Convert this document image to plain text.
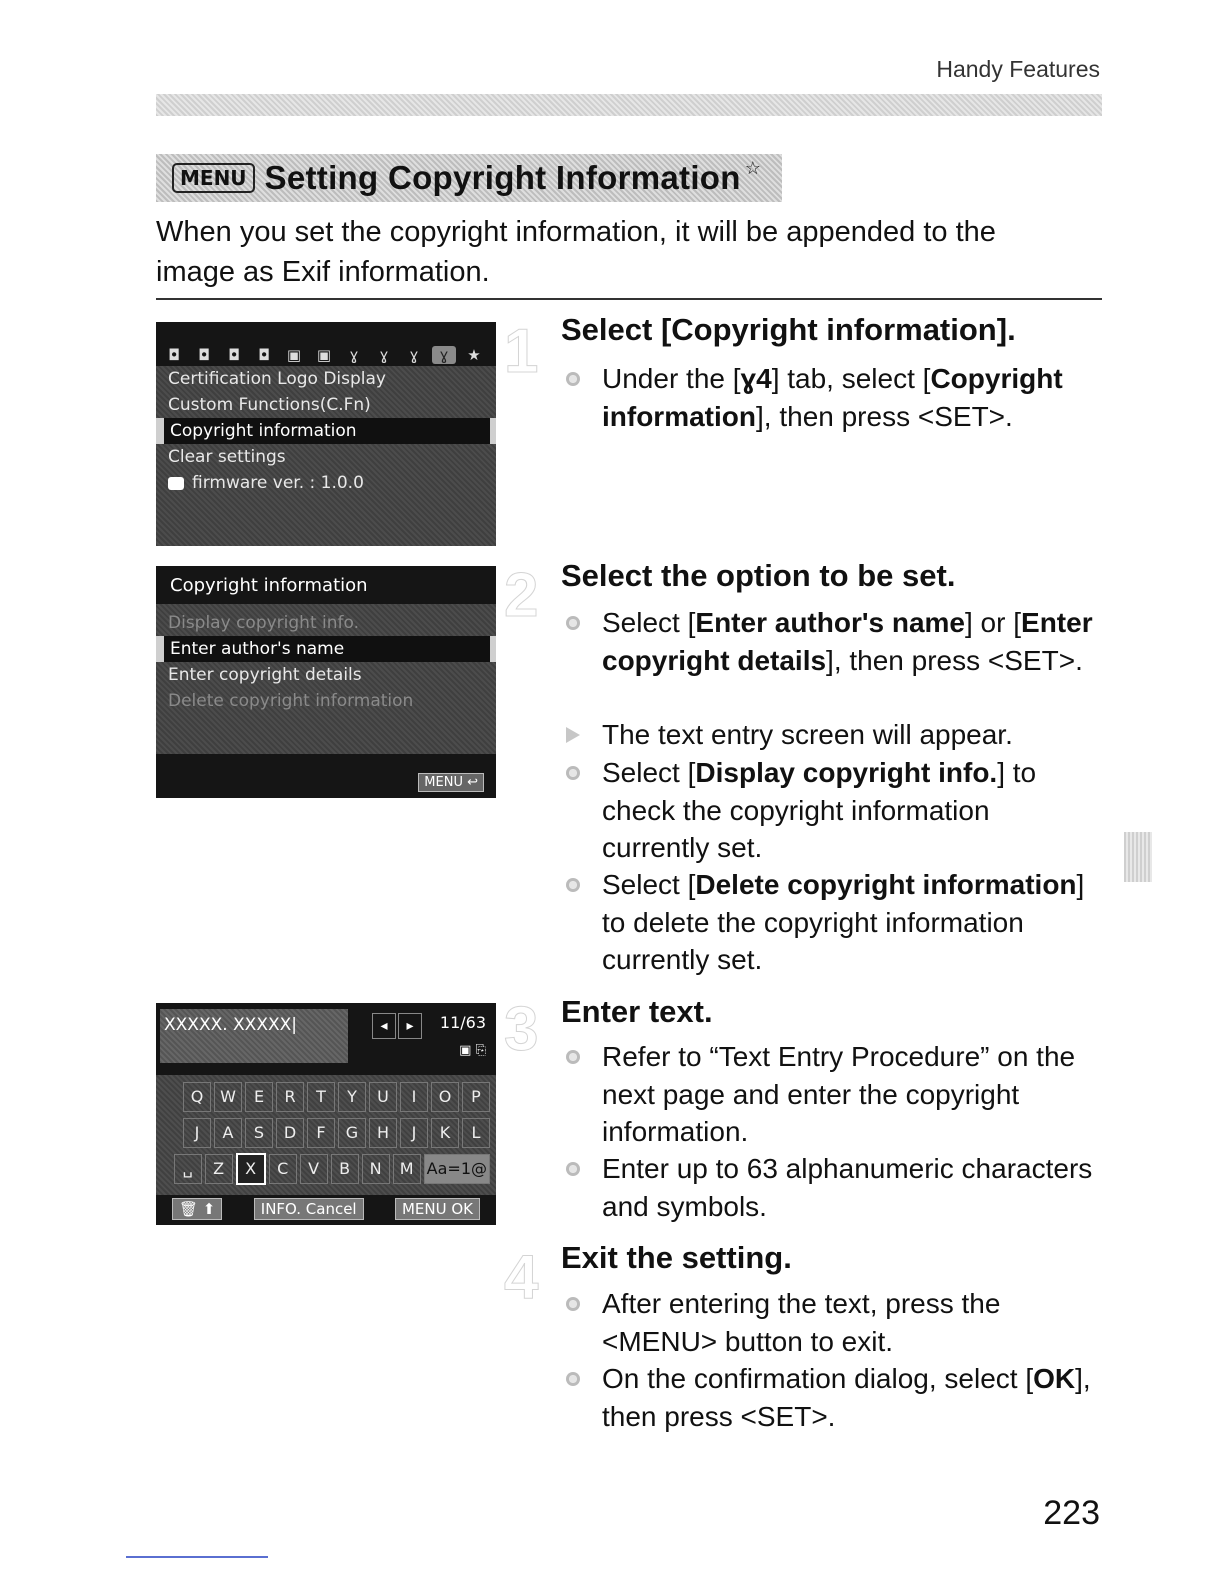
Handy Features
MENU Setting Copyright Information ☆
When you set the copyright information, it will be appended to the image as Exif information.
◘	◘	◘	◘	▣	▣	ɣ	ɣ	ɣ	ɣ	★
Certification Logo Display
Custom Functions(C.Fn)
Copyright information
Clear settings
firmware ver. : 1.0.0
Copyright information
Display copyright info.
Enter author's name
Enter copyright details
Delete copyright information
MENU ↩
XXXXX. XXXXX|	◂ ▸	11/63
▣ ⎘
Q	W	E	R	T	Y	U	I	O	P
J	A	S	D	F	G	H	J	K	L
␣	Z	X	C	V	B	N	M Aa=1@
🗑 ⬆	INFO. Cancel	MENU OK
1 Select [Copyright information].
Under the [ɣ4] tab, select [Copyright information], then press <SET>.
2 Select the option to be set.
Select [Enter author's name] or [Enter copyright details], then press <SET>.
The text entry screen will appear.
Select [Display copyright info.] to check the copyright information currently set.
Select [Delete copyright information] to delete the copyright information currently set.
3 Enter text.
Refer to “Text Entry Procedure” on the next page and enter the copyright information.
Enter up to 63 alphanumeric characters and symbols.
4 Exit the setting.
After entering the text, press the <MENU> button to exit.
On the confirmation dialog, select [OK], then press <SET>.
223
